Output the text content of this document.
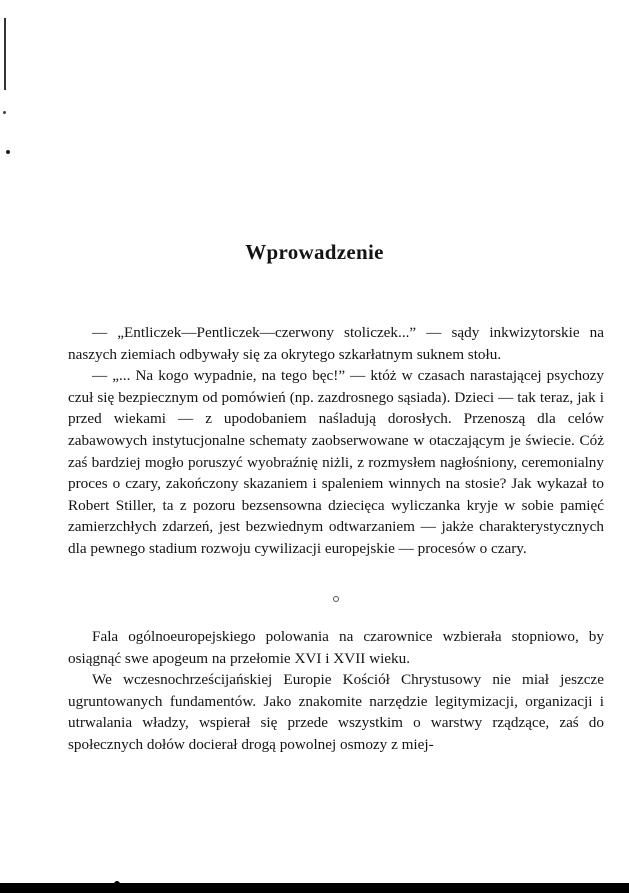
Wprowadzenie

— „Entliczek—Pentliczek—czerwony stoliczek...” — sądy inkwizytorskie na naszych ziemiach odbywały się za okrytego szkarłatnym suknem stołu.

— „... Na kogo wypadnie, na tego bęc!” — któż w czasach narastającej psychozy czuł się bezpiecznym od pomówień (np. zazdrosnego sąsiada). Dzieci — tak teraz, jak i przed wiekami — z upodobaniem naśladują dorosłych. Przenoszą dla celów zabawowych instytucjonalne schematy zaobserwowane w otaczającym je świecie. Cóż zaś bardziej mogło poruszyć wyobraźnię niżli, z rozmysłem nagłośniony, ceremonialny proces o czary, zakończony skazaniem i spaleniem winnych na stosie? Jak wykazał to Robert Stiller, ta z pozoru bezsensowna dziecięca wyliczanka kryje w sobie pamięć zamierzchłych zdarzeń, jest bezwiednym odtwarzaniem — jakże charakterystycznych dla pewnego stadium rozwoju cywilizacji europejskie — procesów o czary.

Fala ogólnoeuropejskiego polowania na czarownice wzbierała stopniowo, by osiągnąć swe apogeum na przełomie XVI i XVII wieku.

We wczesnochrześcijańskiej Europie Kościół Chrystusowy nie miał jeszcze ugruntowanych fundamentów. Jako znakomite narzędzie legitymizacji, organizacji i utrwalania władzy, wspierał się przede wszystkim o warstwy rządzące, zaś do społecznych dołów docierał drogą powolnej osmozy z miej-
